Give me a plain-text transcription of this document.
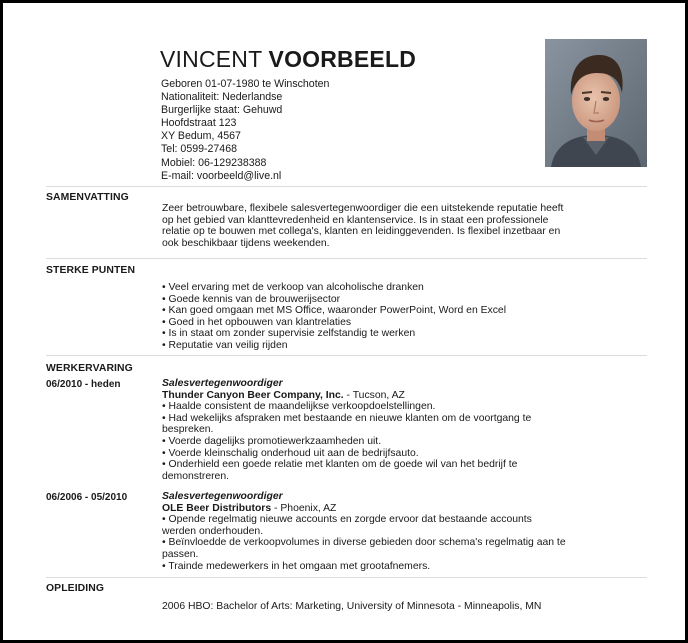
VINCENT VOORBEELD
Geboren 01-07-1980 te Winschoten
Nationaliteit: Nederlandse
Burgerlijke staat: Gehuwd
Hoofdstraat 123
XY Bedum, 4567
Tel: 0599-27468
Mobiel: 06-129238388
E-mail: voorbeeld@live.nl
SAMENVATTING
Zeer betrouwbare, flexibele salesvertegenwoordiger die een uitstekende reputatie heeft
op het gebied van klanttevredenheid en klantenservice. Is in staat een professionele
relatie op te bouwen met collega's, klanten en leidinggevenden. Is flexibel inzetbaar en
ook beschikbaar tijdens weekenden.
STERKE PUNTEN
• Veel ervaring met de verkoop van alcoholische dranken
• Goede kennis van de brouwerijsector
• Kan goed omgaan met MS Office, waaronder PowerPoint, Word en Excel
• Goed in het opbouwen van klantrelaties
• Is in staat om zonder supervisie zelfstandig te werken
• Reputatie van veilig rijden
WERKERVARING
06/2010 - heden	Salesvertegenwoordiger
Thunder Canyon Beer Company, Inc. - Tucson, AZ
• Haalde consistent de maandelijkse verkoopdoelstellingen.
• Had wekelijks afspraken met bestaande en nieuwe klanten om de voortgang te
bespreken.
• Voerde dagelijks promotiewerkzaamheden uit.
• Voerde kleinschalig onderhoud uit aan de bedrijfsauto.
• Onderhield een goede relatie met klanten om de goede wil van het bedrijf te
demonstreren.
06/2006 - 05/2010	Salesvertegenwoordiger
OLE Beer Distributors - Phoenix, AZ
• Opende regelmatig nieuwe accounts en zorgde ervoor dat bestaande accounts
werden onderhouden.
• Beïnvloedde de verkoopvolumes in diverse gebieden door schema's regelmatig aan te
passen.
• Trainde medewerkers in het omgaan met grootafnemers.
OPLEIDING
2006 HBO: Bachelor of Arts: Marketing, University of Minnesota - Minneapolis, MN
